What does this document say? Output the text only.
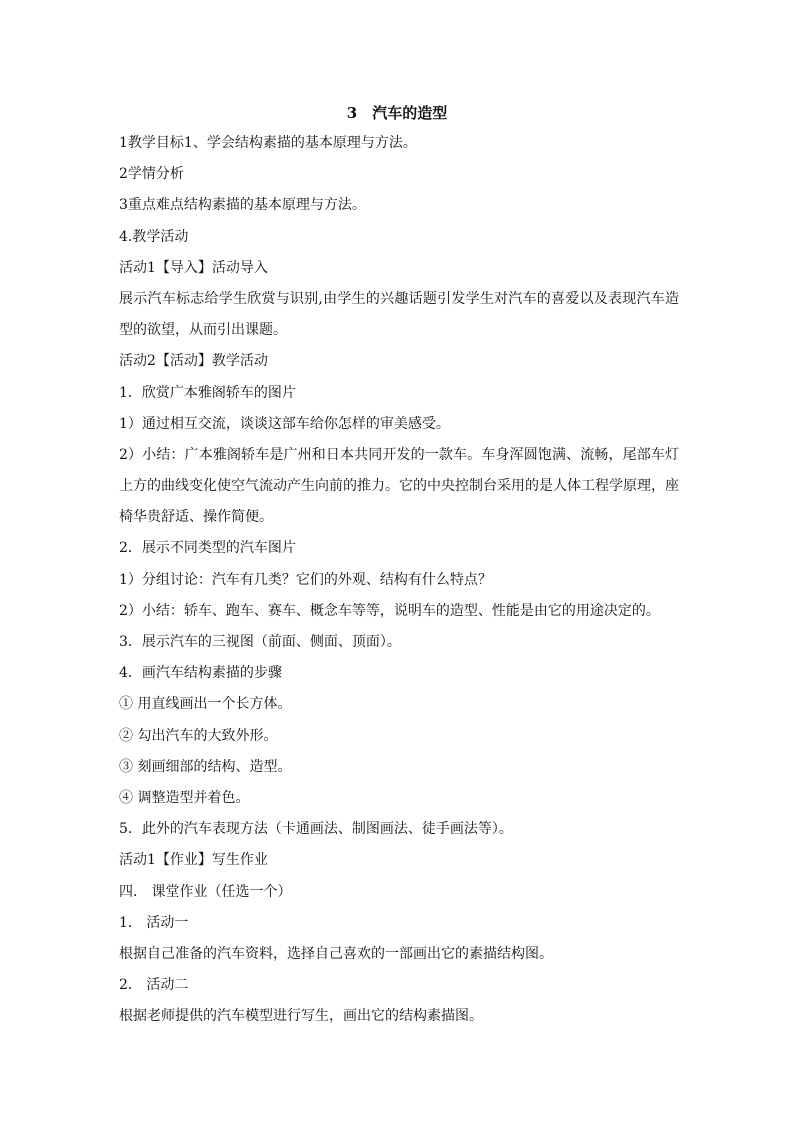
3　汽车的造型
1教学目标1、学会结构素描的基本原理与方法。
2学情分析
3重点难点结构素描的基本原理与方法。
4.教学活动
活动1【导入】活动导入
展示汽车标志给学生欣赏与识别,由学生的兴趣话题引发学生对汽车的喜爱以及表现汽车造
型的欲望，从而引出课题。
活动2【活动】教学活动
1．欣赏广本雅阁轿车的图片
1）通过相互交流，谈谈这部车给你怎样的审美感受。
2）小结：广本雅阁轿车是广州和日本共同开发的一款车。车身浑圆饱满、流畅，尾部车灯
上方的曲线变化使空气流动产生向前的推力。它的中央控制台采用的是人体工程学原理，座
椅华贵舒适、操作简便。
2．展示不同类型的汽车图片
1）分组讨论：汽车有几类？它们的外观、结构有什么特点？
2）小结：轿车、跑车、赛车、概念车等等，说明车的造型、性能是由它的用途决定的。
3．展示汽车的三视图（前面、侧面、顶面）。
4．画汽车结构素描的步骤
① 用直线画出一个长方体。
② 勾出汽车的大致外形。
③ 刻画细部的结构、造型。
④ 调整造型并着色。
5．此外的汽车表现方法（卡通画法、制图画法、徒手画法等）。
活动1【作业】写生作业
四． 课堂作业（任选一个）
1． 活动一
根据自己准备的汽车资料，选择自己喜欢的一部画出它的素描结构图。
2． 活动二
根据老师提供的汽车模型进行写生，画出它的结构素描图。
